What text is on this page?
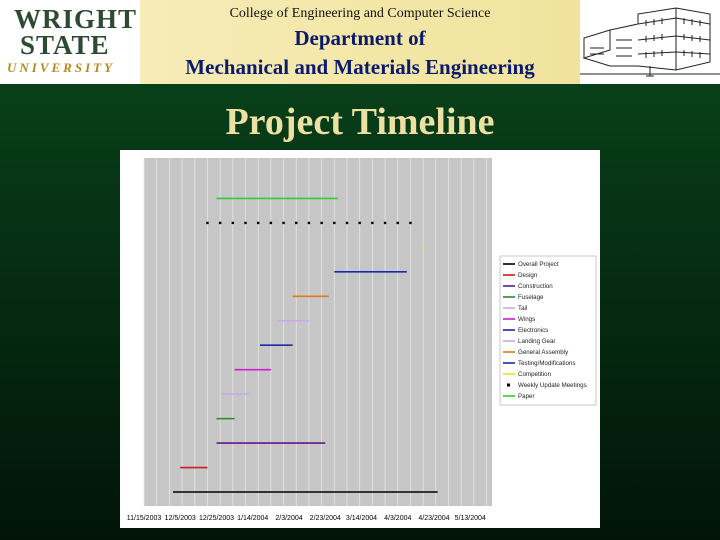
WRIGHT
STATE
UNIVERSITY
College of Engineering and Computer Science
Department of
Mechanical and Materials Engineering
Project Timeline
11/15/2003 12/5/2003 12/25/2003 1/14/2004 2/3/2004 2/23/2004 3/14/2004 4/3/2004 4/23/2004 5/13/2004
Overall Project
Design
Construction
Fuselage
Tail
Wings
Electronics
Landing Gear
General Assembly
Testing/Modifications
Competition
Weekly Update Meetings
Paper
